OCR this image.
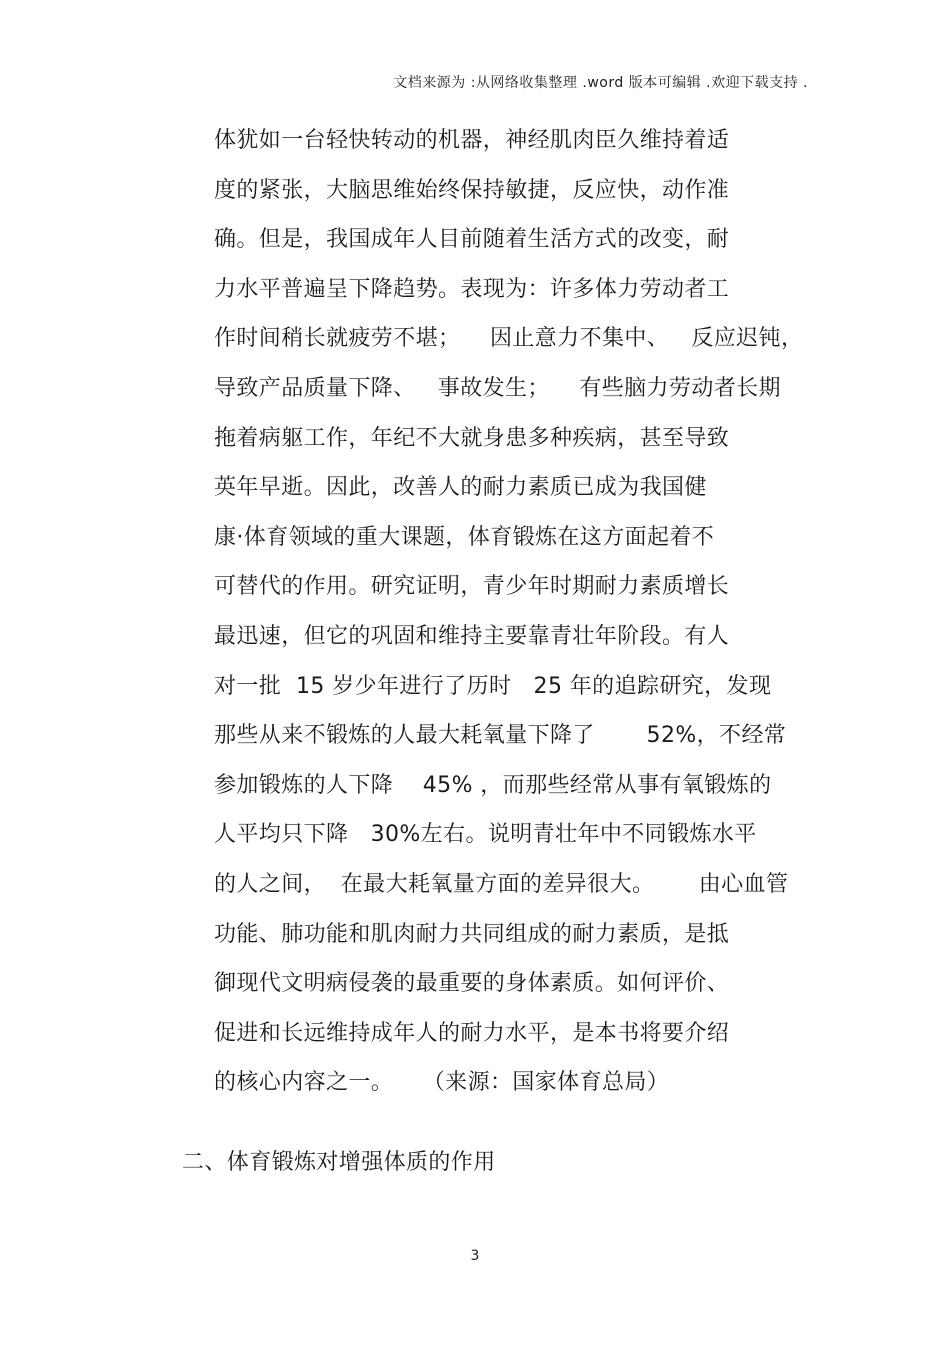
文档来源为 :从网络收集整理 .word 版本可编辑 .欢迎下载支持 .
体犹如一台轻快转动的机器，神经肌肉臣久维持着适
度的紧张，大脑思维始终保持敏捷，反应快，动作准
确。但是，我国成年人目前随着生活方式的改变，耐
力水平普遍呈下降趋势。表现为：许多体力劳动者工
作时间稍长就疲劳不堪；    因止意力不集中、   反应迟钝，
导致产品质量下降、   事故发生；    有些脑力劳动者长期
拖着病躯工作，年纪不大就身患多种疾病，甚至导致
英年早逝。因此，改善人的耐力素质已成为我国健
康·体育领域的重大课题，体育锻炼在这方面起着不
可替代的作用。研究证明，青少年时期耐力素质增长
最迅速，但它的巩固和维持主要靠青壮年阶段。有人
对一批  15 岁少年进行了历时   25 年的追踪研究，发现
那些从来不锻炼的人最大耗氧量下降了       52%，不经常
参加锻炼的人下降    45% ，而那些经常从事有氧锻炼的
人平均只下降   30%左右。说明青壮年中不同锻炼水平
的人之间，  在最大耗氧量方面的差异很大。      由心血管
功能、肺功能和肌肉耐力共同组成的耐力素质，是抵
御现代文明病侵袭的最重要的身体素质。如何评价、
促进和长远维持成年人的耐力水平，是本书将要介绍
的核心内容之一。    （来源：国家体育总局）
二、体育锻炼对增强体质的作用
3
